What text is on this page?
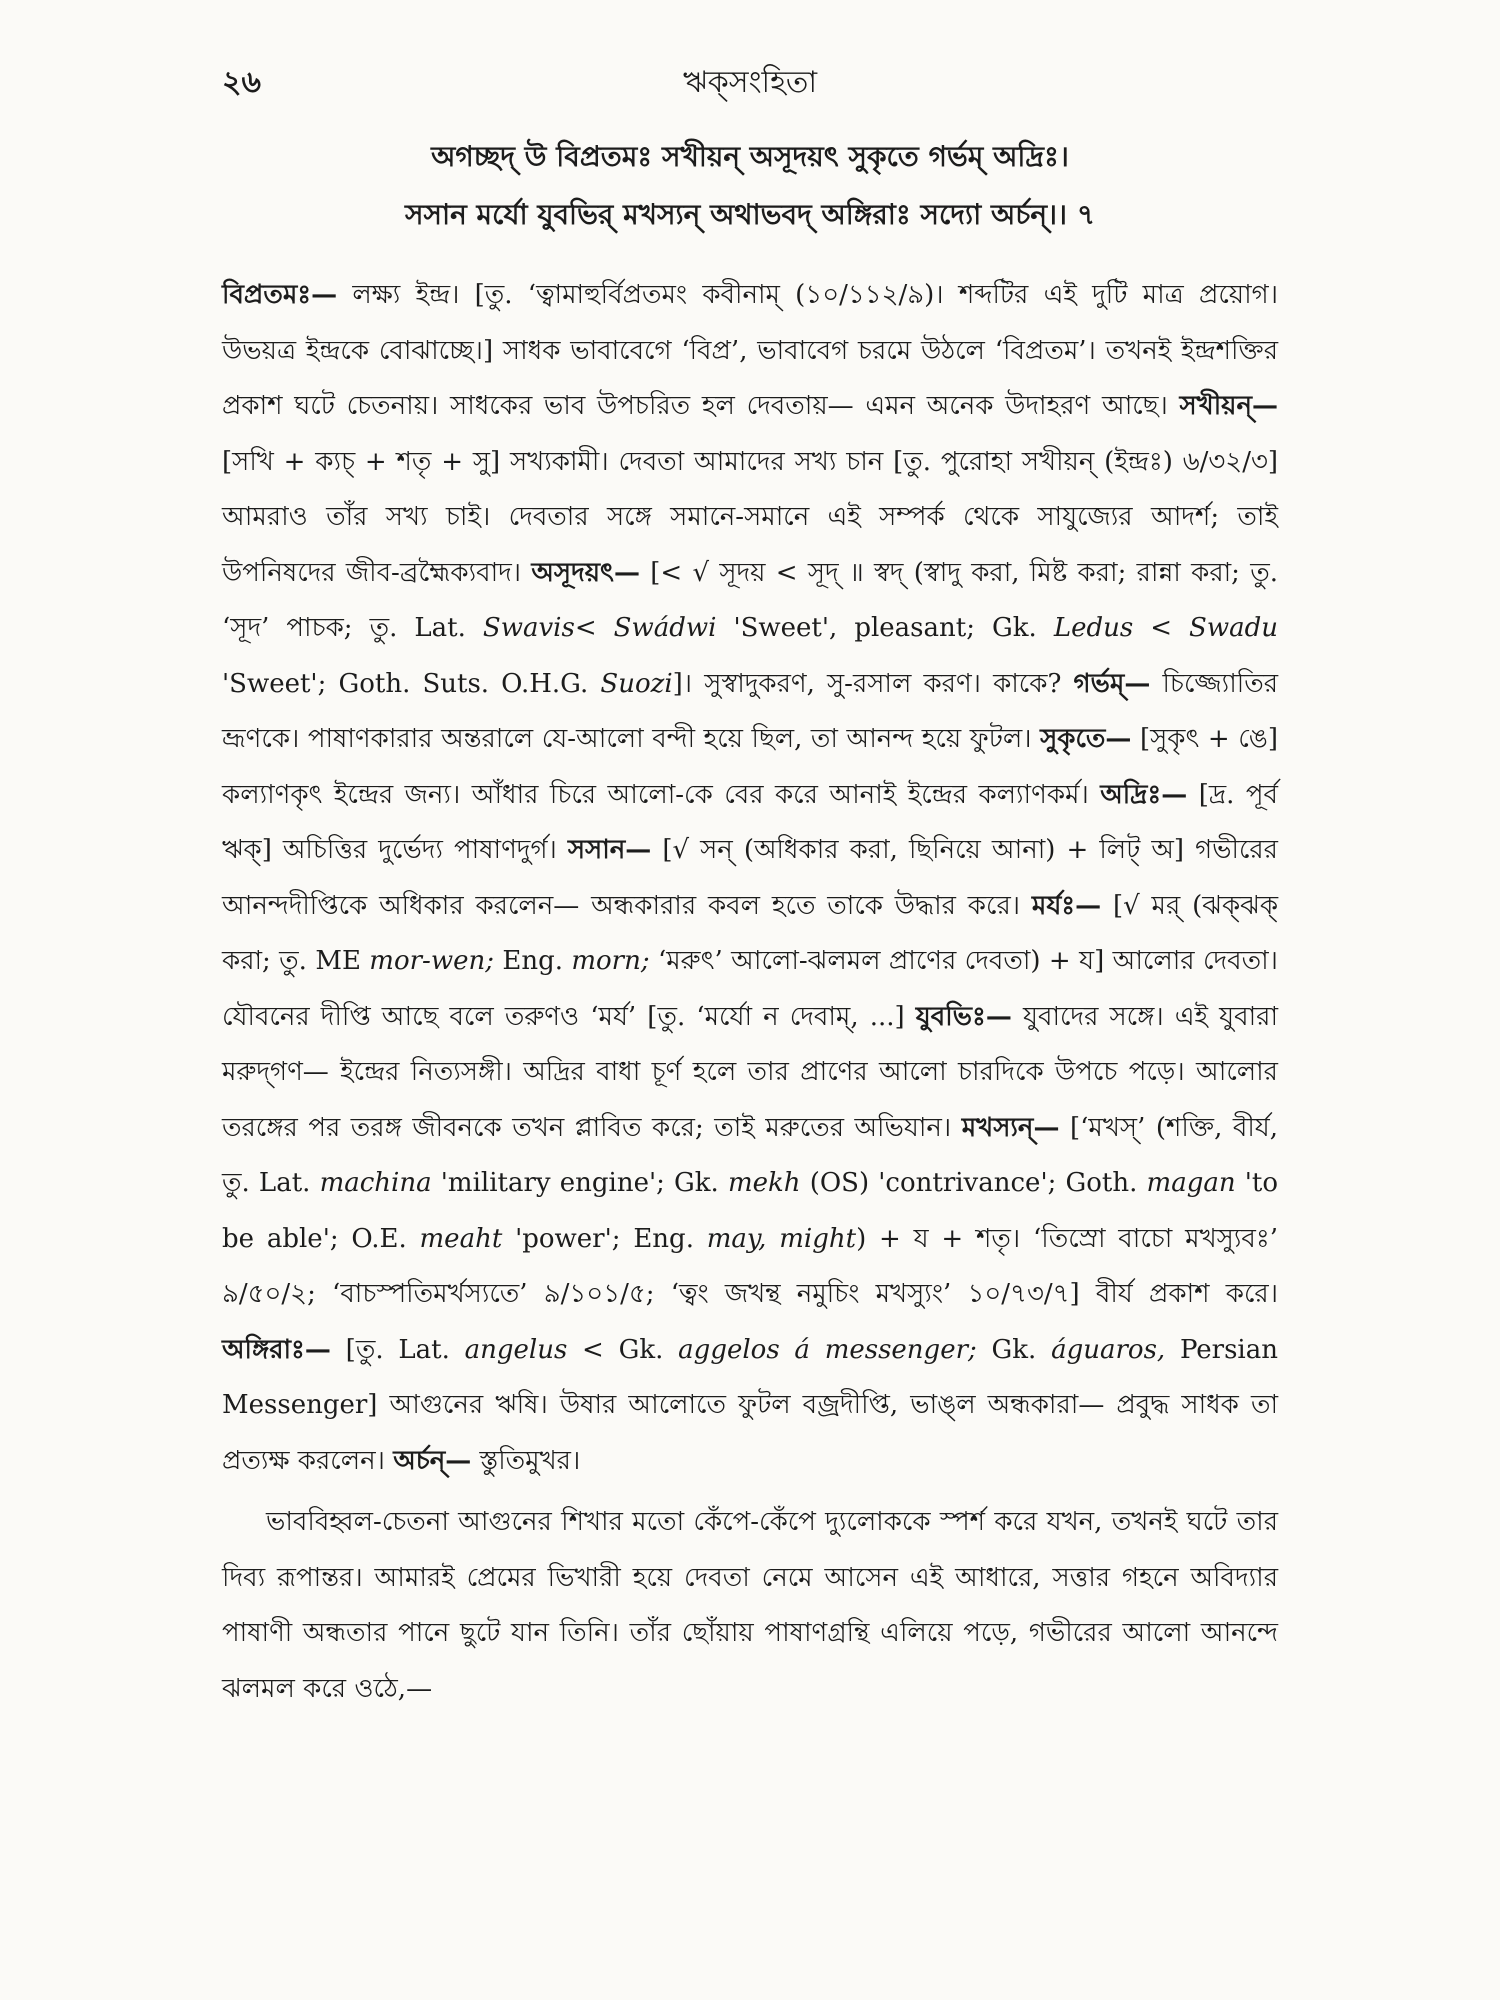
২৬	ঋক্‌সংহিতা
অগচ্ছদ্ উ বিপ্রতমঃ সখীয়ন্ অসূদয়ৎ সুকৃতে গর্ভম্ অদ্রিঃ।
সসান মর্যো যুবভির্ মখস্যন্ অথাভবদ্ অঙ্গিরাঃ সদ্যো অর্চন্।। ৭

বিপ্রতমঃ— লক্ষ্য ইন্দ্র। [তু. ‘ত্বামাহুর্বিপ্রতমং কবীনাম্ (১০/১১২/৯)। শব্দটির এই দুটি মাত্র প্রয়োগ। উভয়ত্র ইন্দ্রকে বোঝাচ্ছে।] সাধক ভাবাবেগে ‘বিপ্র’, ভাবাবেগ চরমে উঠলে ‘বিপ্রতম’। তখনই ইন্দ্রশক্তির প্রকাশ ঘটে চেতনায়। সাধকের ভাব উপচরিত হল দেবতায়— এমন অনেক উদাহরণ আছে। সখীয়ন্— [সখি + ক্যচ্ + শতৃ + সু] সখ্যকামী। দেবতা আমাদের সখ্য চান [তু. পুরোহা সখীয়ন্ (ইন্দ্রঃ) ৬/৩২/৩] আমরাও তাঁর সখ্য চাই। দেবতার সঙ্গে সমানে-সমানে এই সম্পর্ক থেকে সাযুজ্যের আদর্শ; তাই উপনিষদের জীব-ব্রহ্মৈক্যবাদ। অসূদয়ৎ— [< √ সূদয় < সূদ্ ॥ স্বদ্ (স্বাদু করা, মিষ্ট করা; রান্না করা; তু. ‘সূদ’ পাচক; তু. Lat. Swavis< Swádwi 'Sweet', pleasant; Gk. Ledus < Swadu 'Sweet'; Goth. Suts. O.H.G. Suozi]। সুস্বাদুকরণ, সু-রসাল করণ। কাকে? গর্ভম্— চিজ্জ্যোতির ভ্রূণকে। পাষাণকারার অন্তরালে যে-আলো বন্দী হয়ে ছিল, তা আনন্দ হয়ে ফুটল। সুকৃতে— [সুকৃৎ + ঙে] কল্যাণকৃৎ ইন্দ্রের জন্য। আঁধার চিরে আলো-কে বের করে আনাই ইন্দ্রের কল্যাণকর্ম। অদ্রিঃ— [দ্র. পূর্ব ঋক্] অচিত্তির দুর্ভেদ্য পাষাণদুর্গ। সসান— [√ সন্ (অধিকার করা, ছিনিয়ে আনা) + লিট্ অ] গভীরের আনন্দদীপ্তিকে অধিকার করলেন— অন্ধকারার কবল হতে তাকে উদ্ধার করে। মর্যঃ— [√ মর্ (ঝক্‌ঝক্ করা; তু. ME mor-wen; Eng. morn; ‘মরুৎ’ আলো-ঝলমল প্রাণের দেবতা) + য] আলোর দেবতা। যৌবনের দীপ্তি আছে বলে তরুণও ‘মর্য’ [তু. ‘মর্যো ন দেবাম্, ...] যুবভিঃ— যুবাদের সঙ্গে। এই যুবারা মরুদ্‌গণ— ইন্দ্রের নিত্যসঙ্গী। অদ্রির বাধা চূর্ণ হলে তার প্রাণের আলো চারদিকে উপচে পড়ে। আলোর তরঙ্গের পর তরঙ্গ জীবনকে তখন প্লাবিত করে; তাই মরুতের অভিযান। মখস্যন্— [‘মখস্’ (শক্তি, বীর্য, তু. Lat. machina 'military engine'; Gk. mekh (OS) 'contrivance'; Goth. magan 'to be able'; O.E. meaht 'power'; Eng. may, might) + য + শতৃ। ‘তিস্রো বাচো মখস্যুবঃ’ ৯/৫০/২; ‘বাচস্পতিমর্খস্যতে’ ৯/১০১/৫; ‘ত্বং জখন্থ নমুচিং মখস্যুং’ ১০/৭৩/৭] বীর্য প্রকাশ করে। অঙ্গিরাঃ— [তু. Lat. angelus < Gk. aggelos á messenger; Gk. águaros, Persian Messenger] আগুনের ঋষি। উষার আলোতে ফুটল বজ্রদীপ্তি, ভাঙ্‌ল অন্ধকারা— প্রবুদ্ধ সাধক তা প্রত্যক্ষ করলেন। অর্চন্— স্তুতিমুখর।

ভাববিহ্বল-চেতনা আগুনের শিখার মতো কেঁপে-কেঁপে দ্যুলোককে স্পর্শ করে যখন, তখনই ঘটে তার দিব্য রূপান্তর। আমারই প্রেমের ভিখারী হয়ে দেবতা নেমে আসেন এই আধারে, সত্তার গহনে অবিদ্যার পাষাণী অন্ধতার পানে ছুটে যান তিনি। তাঁর ছোঁয়ায় পাষাণগ্রন্থি এলিয়ে পড়ে, গভীরের আলো আনন্দে ঝলমল করে ওঠে,—
